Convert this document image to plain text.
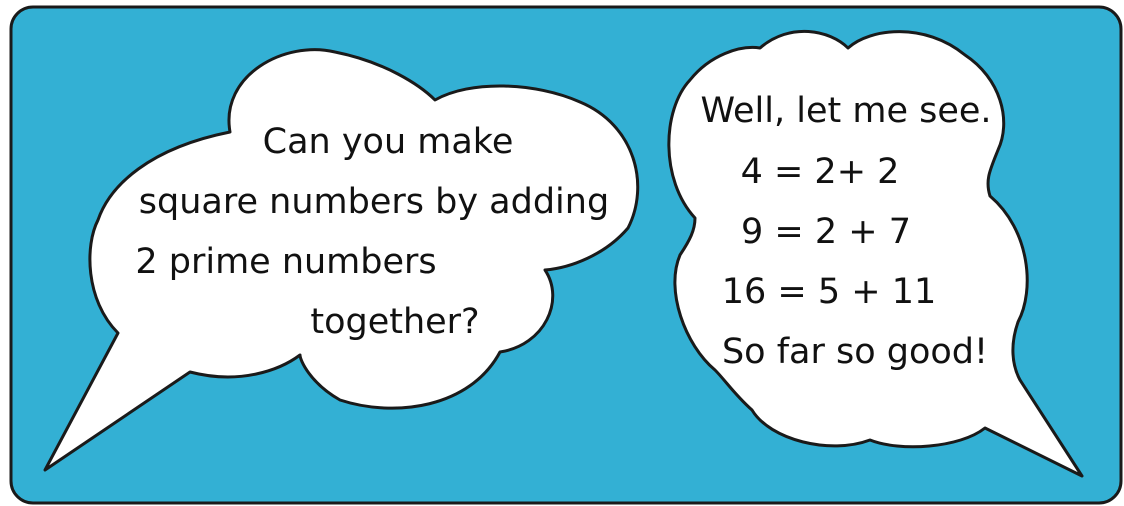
Can you make
square numbers by adding
2 prime numbers
together?
Well, let me see.
4 = 2+ 2
9 = 2 + 7
16 = 5 + 11
So far so good!
